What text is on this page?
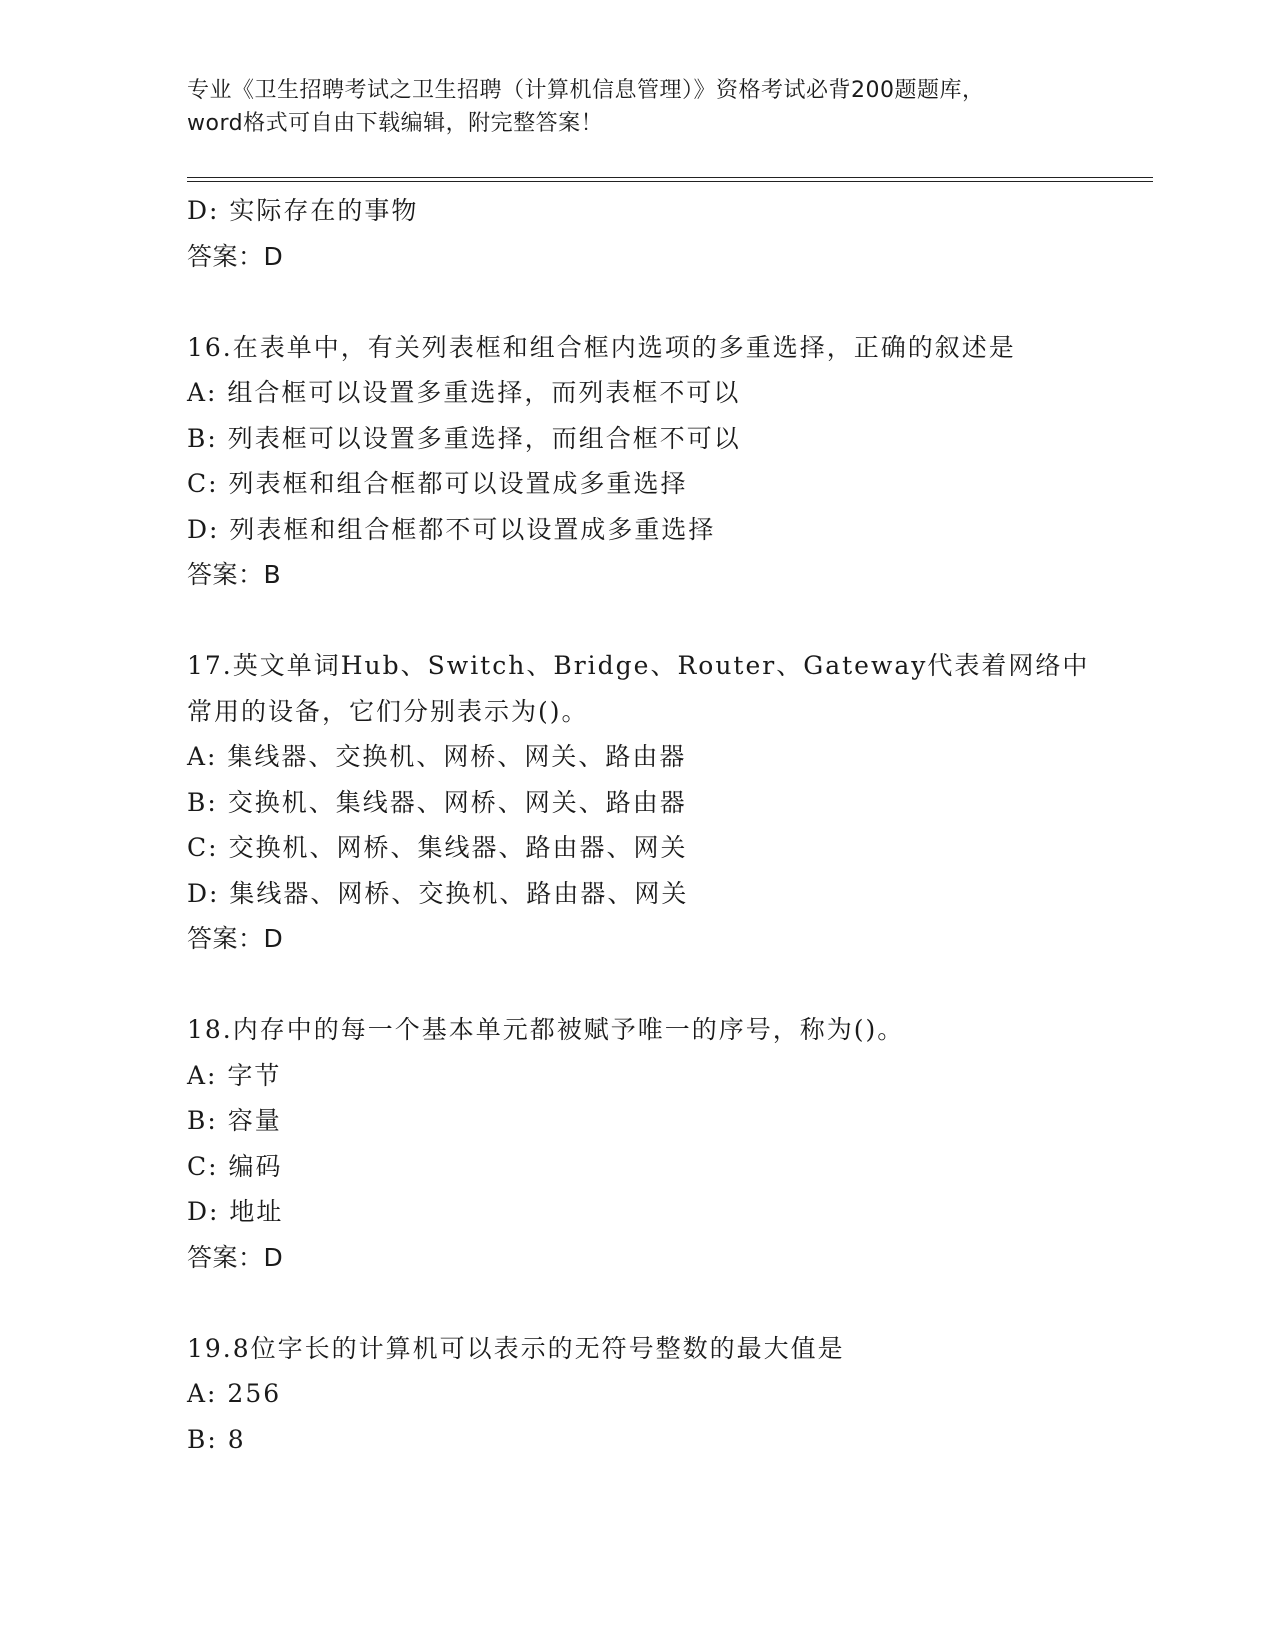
专业《卫生招聘考试之卫生招聘（计算机信息管理）》资格考试必背200题题库，
word格式可自由下载编辑，附完整答案！
D: 实际存在的事物
答案：D
16.在表单中，有关列表框和组合框内选项的多重选择，正确的叙述是
A: 组合框可以设置多重选择，而列表框不可以
B: 列表框可以设置多重选择，而组合框不可以
C: 列表框和组合框都可以设置成多重选择
D: 列表框和组合框都不可以设置成多重选择
答案：B
17.英文单词Hub、Switch、Bridge、Router、Gateway代表着网络中
常用的设备，它们分别表示为()。
A: 集线器、交换机、网桥、网关、路由器
B: 交换机、集线器、网桥、网关、路由器
C: 交换机、网桥、集线器、路由器、网关
D: 集线器、网桥、交换机、路由器、网关
答案：D
18.内存中的每一个基本单元都被赋予唯一的序号，称为()。
A: 字节
B: 容量
C: 编码
D: 地址
答案：D
19.8位字长的计算机可以表示的无符号整数的最大值是
A: 256
B: 8
